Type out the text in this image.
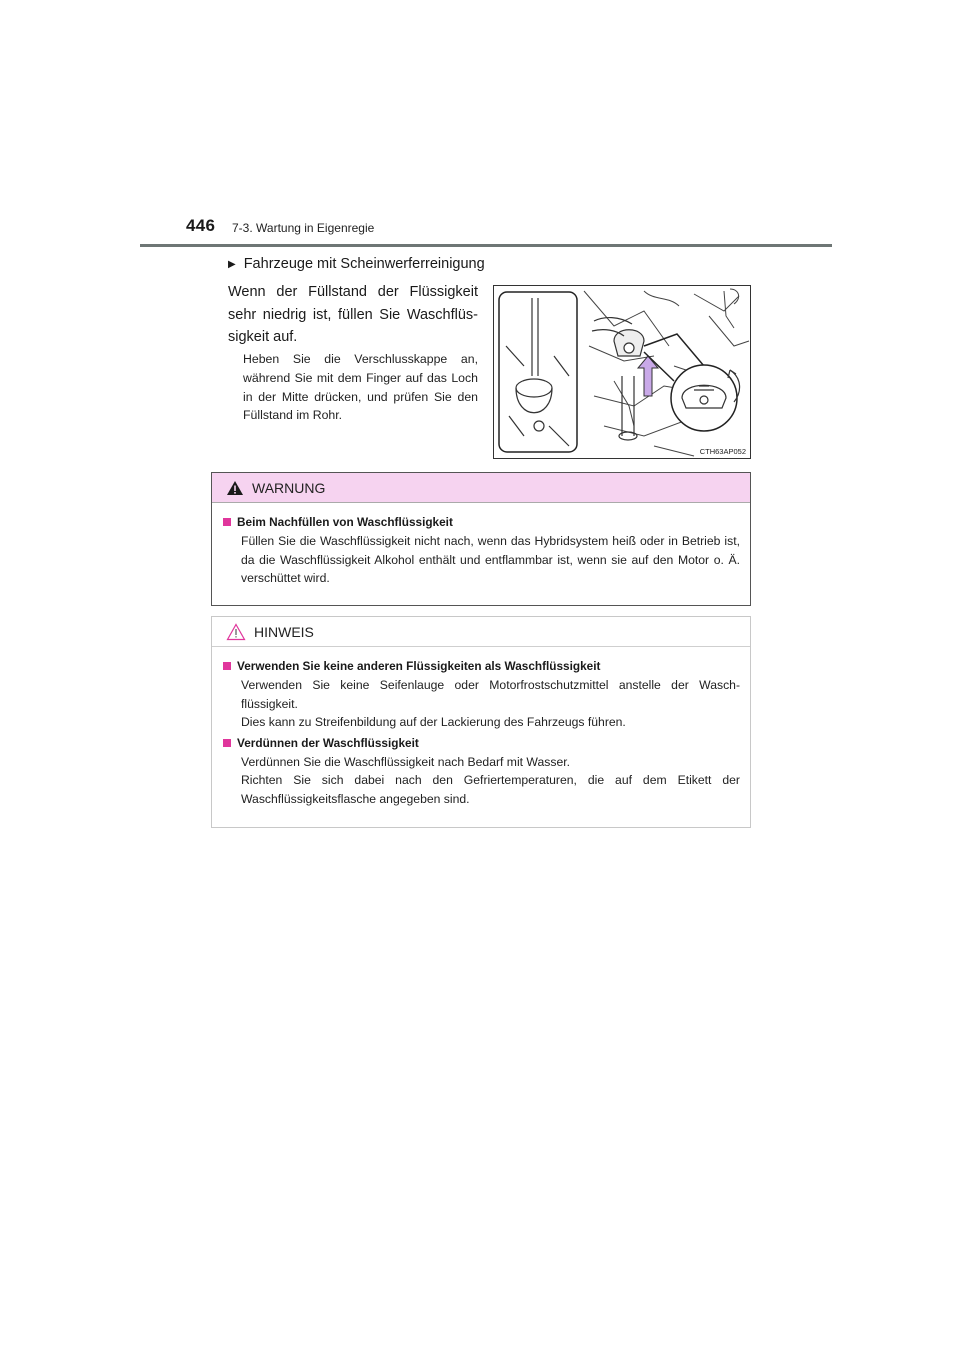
446 7-3. Wartung in Eigenregie
▶ Fahrzeuge mit Scheinwerferreinigung
Wenn der Füllstand der Flüssigkeit sehr niedrig ist, füllen Sie Waschflüs-sigkeit auf.
Heben Sie die Verschlusskappe an, während Sie mit dem Finger auf das Loch in der Mitte drücken, und prüfen Sie den Füllstand im Rohr.
CTH63AP052
WARNUNG
Beim Nachfüllen von Waschflüssigkeit
Füllen Sie die Waschflüssigkeit nicht nach, wenn das Hybridsystem heiß oder in Betrieb ist, da die Waschflüssigkeit Alkohol enthält und entflammbar ist, wenn sie auf den Motor o. Ä. verschüttet wird.
HINWEIS
Verwenden Sie keine anderen Flüssigkeiten als Waschflüssigkeit
Verwenden Sie keine Seifenlauge oder Motorfrostschutzmittel anstelle der Wasch-flüssigkeit.
Dies kann zu Streifenbildung auf der Lackierung des Fahrzeugs führen.
Verdünnen der Waschflüssigkeit
Verdünnen Sie die Waschflüssigkeit nach Bedarf mit Wasser.
Richten Sie sich dabei nach den Gefriertemperaturen, die auf dem Etikett der Waschflüssigkeitsflasche angegeben sind.
